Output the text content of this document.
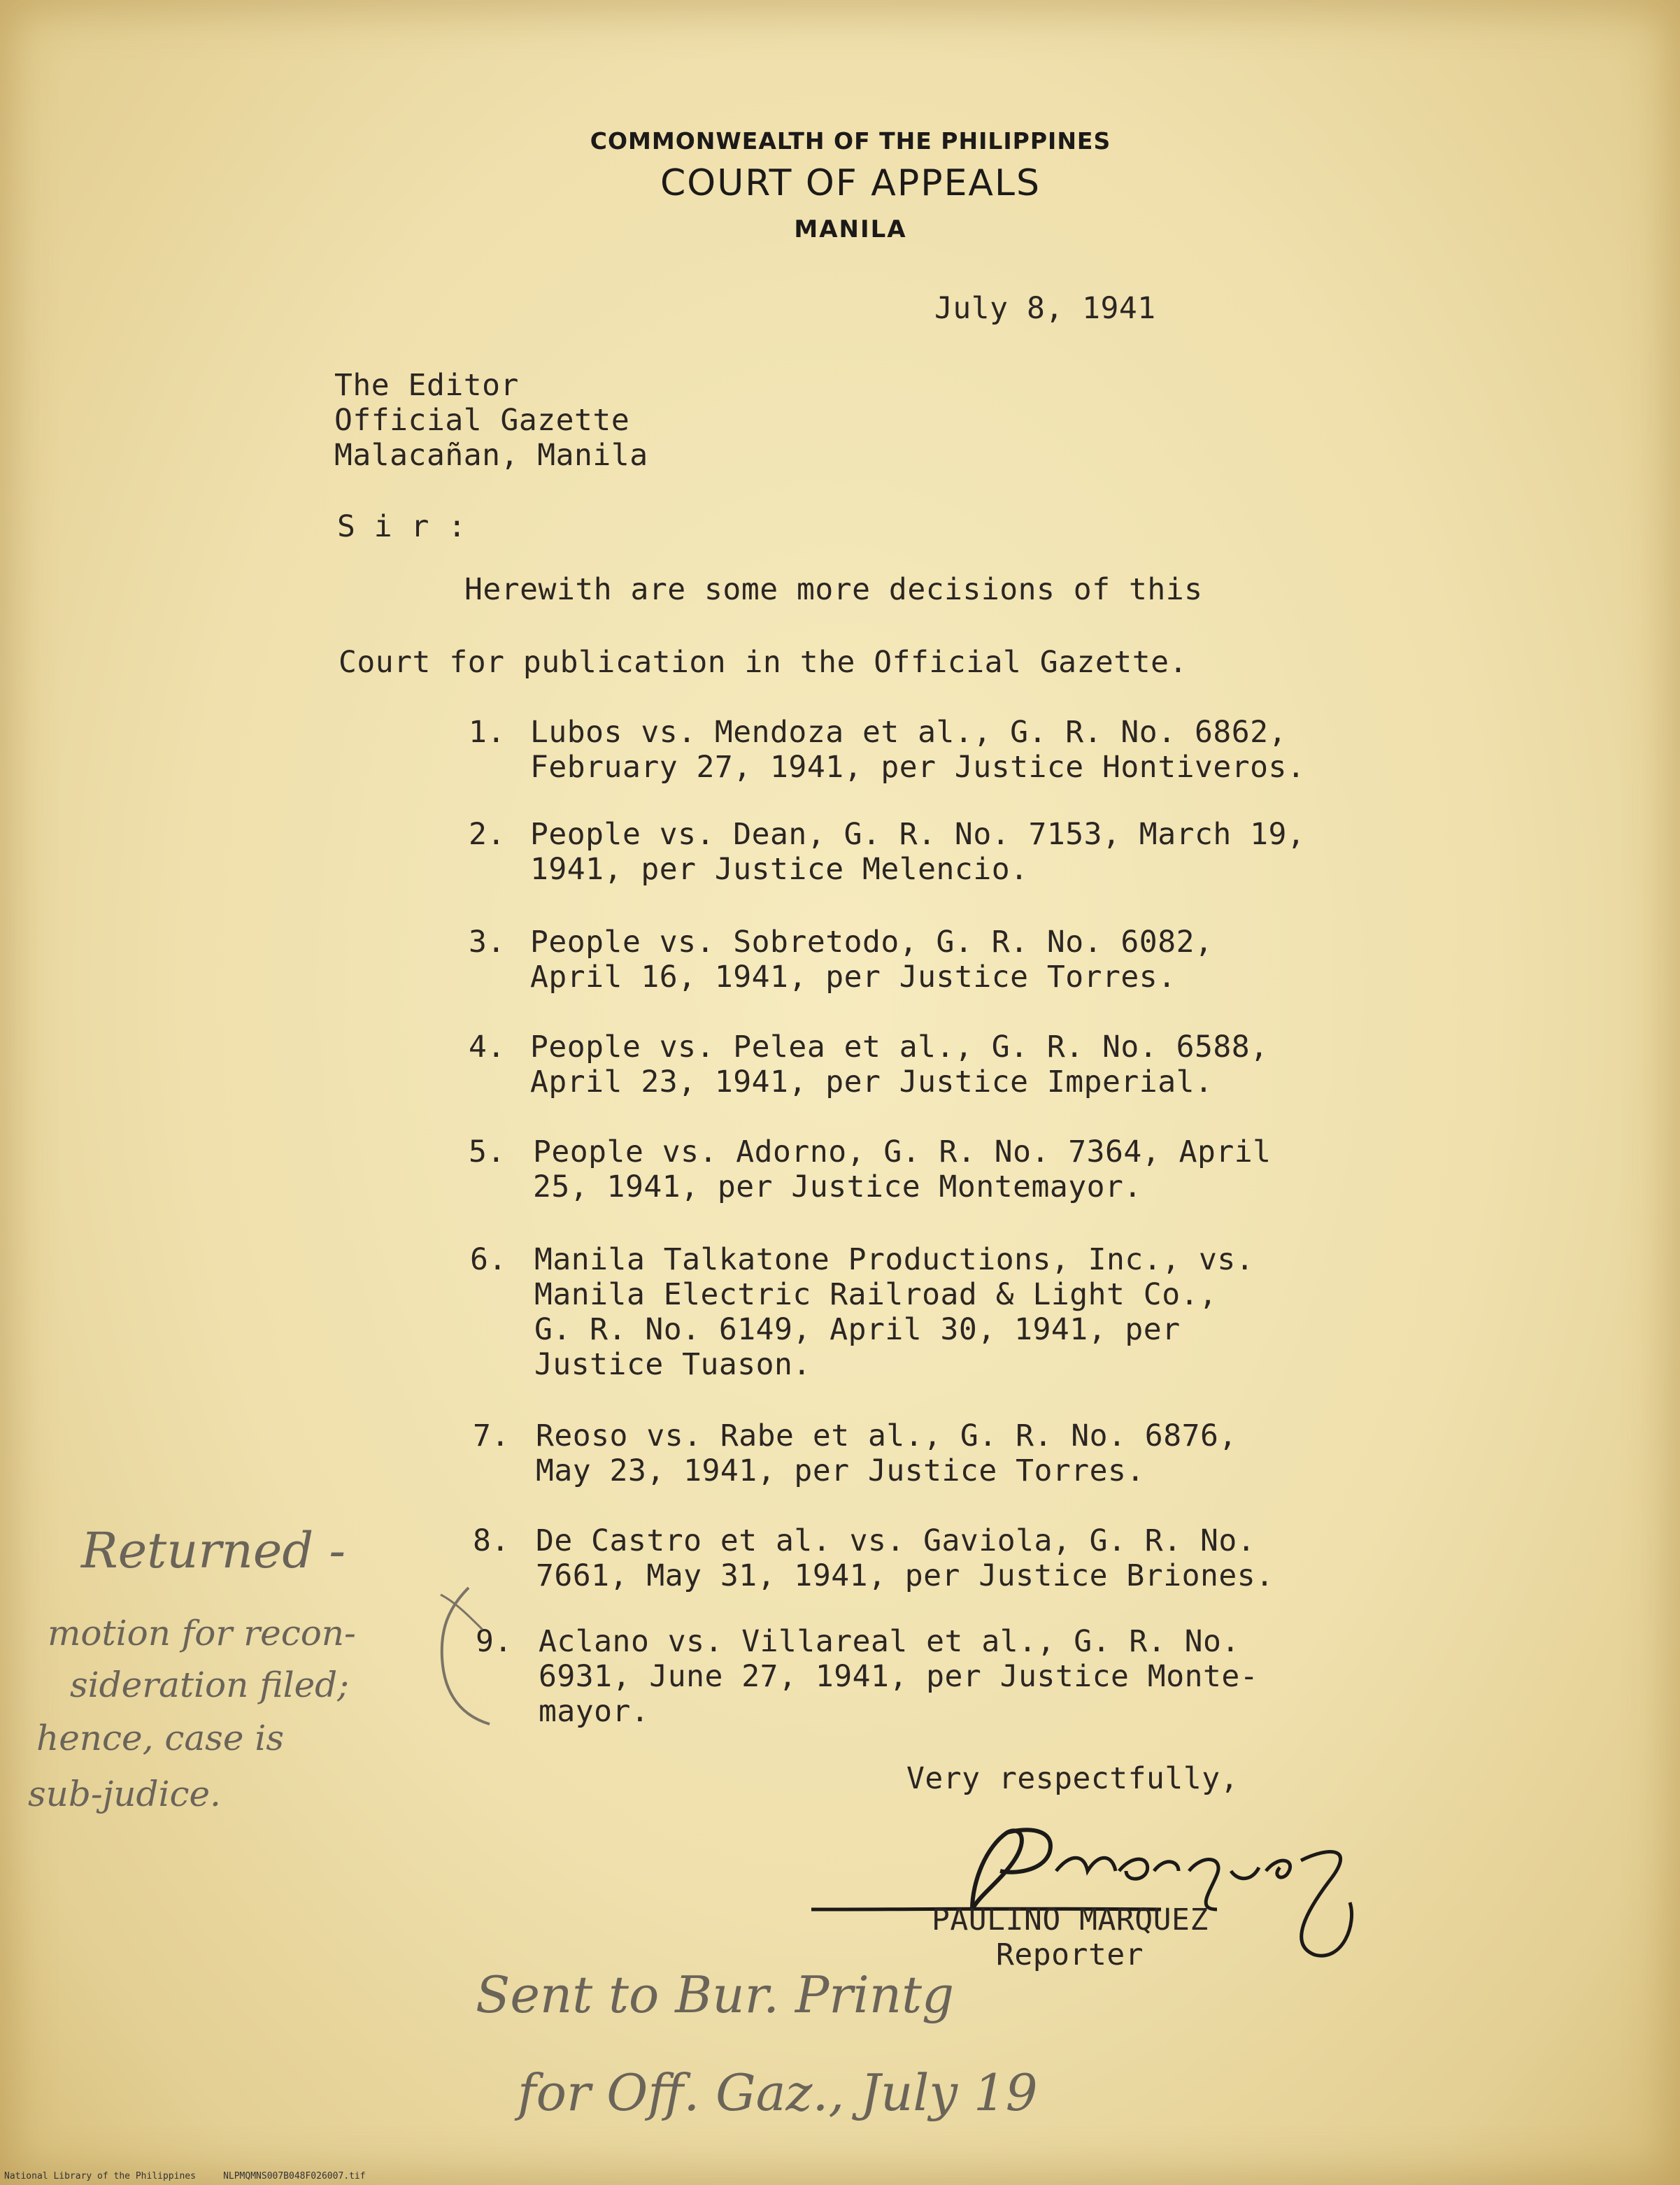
COMMONWEALTH OF THE PHILIPPINES
COURT OF APPEALS
MANILA
July 8, 1941
The Editor
Official Gazette
Malacañan, Manila
S i r :
Herewith are some more decisions of this
Court for publication in the Official Gazette.
1. Lubos vs. Mendoza et al., G. R. No. 6862,
February 27, 1941, per Justice Hontiveros.
2. People vs. Dean, G. R. No. 7153, March 19,
1941, per Justice Melencio.
3. People vs. Sobretodo, G. R. No. 6082,
April 16, 1941, per Justice Torres.
4. People vs. Pelea et al., G. R. No. 6588,
April 23, 1941, per Justice Imperial.
5. People vs. Adorno, G. R. No. 7364, April
25, 1941, per Justice Montemayor.
6. Manila Talkatone Productions, Inc., vs.
Manila Electric Railroad & Light Co.,
G. R. No. 6149, April 30, 1941, per
Justice Tuason.
7. Reoso vs. Rabe et al., G. R. No. 6876,
May 23, 1941, per Justice Torres.
8. De Castro et al. vs. Gaviola, G. R. No.
7661, May 31, 1941, per Justice Briones.
9. Aclano vs. Villareal et al., G. R. No.
6931, June 27, 1941, per Justice Monte-
mayor.
Very respectfully,
PAULINO MARQUEZ
Reporter
Returned -
motion for recon-
sideration filed;
hence, case is
sub-judice.
Sent to Bur. Printg
for Off. Gaz., July 19
National Library of the Philippines	NLPMQMNS007B048F026007.tif
